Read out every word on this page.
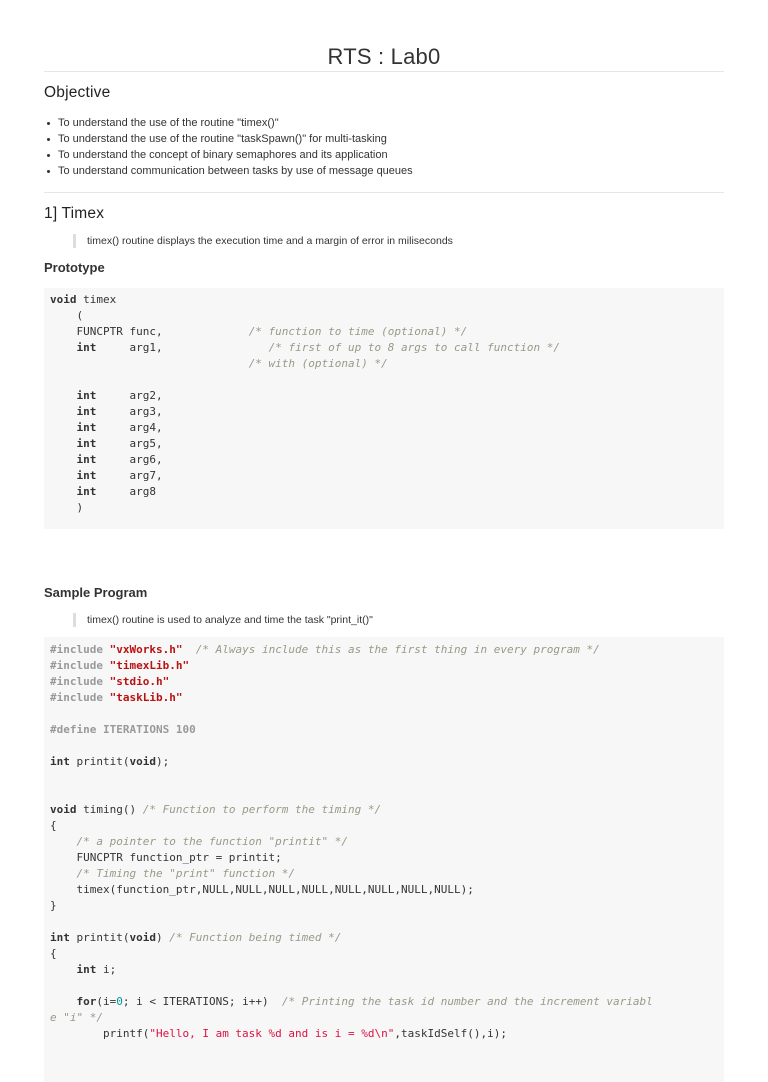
RTS : Lab0
Objective
To understand the use of the routine "timex()"
To understand the use of the routine "taskSpawn()" for multi-tasking
To understand the concept of binary semaphores and its application
To understand communication between tasks by use of message queues
1] Timex
timex() routine displays the execution time and a margin of error in miliseconds
Prototype
void timex
(
FUNCPTR func,	/* function to time (optional) */
int     arg1,	/* first of up to 8 args to call function */
/* with (optional) */

int     arg2,
int     arg3,
int     arg4,
int     arg5,
int     arg6,
int     arg7,
int     arg8
)
Sample Program
timex() routine is used to analyze and time the task "print_it()"
#include "vxWorks.h" /* Always include this as the first thing in every program */
#include "timexLib.h"
#include "stdio.h"
#include "taskLib.h"

#define ITERATIONS 100

int printit(void);

void timing() /* Function to perform the timing */
{
/* a pointer to the function "printit" */
FUNCPTR function_ptr = printit;
/* Timing the "print" function */
timex(function_ptr,NULL,NULL,NULL,NULL,NULL,NULL,NULL,NULL);
}

int printit(void) /* Function being timed */
{
int i;

for(i=0; i < ITERATIONS; i++)  /* Printing the task id number and the increment variabl
e "i" */
printf("Hello, I am task %d and is i = %d\n",taskIdSelf(),i);
